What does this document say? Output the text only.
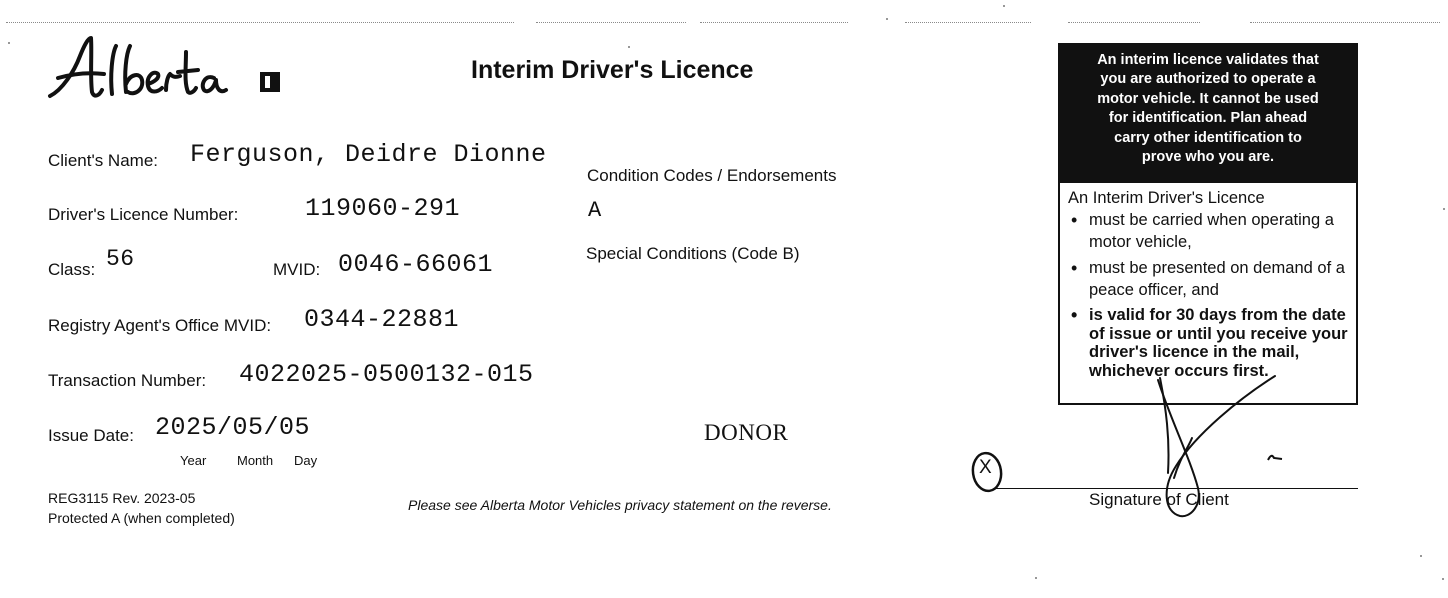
Interim Driver's Licence
Client's Name: Ferguson, Deidre Dionne
Condition Codes / Endorsements
A
Driver's Licence Number:	119060-291
Special Conditions (Code B)
Class: 56	MVID: 0046-66061
Registry Agent's Office MVID: 0344-22881
Transaction Number: 4022025-0500132-015
Issue Date: 2025/05/05
Year Month Day
DONOR
REG3115 Rev. 2023-05
Protected A (when completed)
Please see Alberta Motor Vehicles privacy statement on the reverse.
An interim licence validates that
you are authorized to operate a
motor vehicle. It cannot be used
for identification. Plan ahead
carry other identification to
prove who you are.
An Interim Driver's Licence
• must be carried when operating a motor vehicle,
• must be presented on demand of a peace officer, and
• is valid for 30 days from the date of issue or until you receive your driver's licence in the mail, whichever occurs first.
X
Signature of Client
